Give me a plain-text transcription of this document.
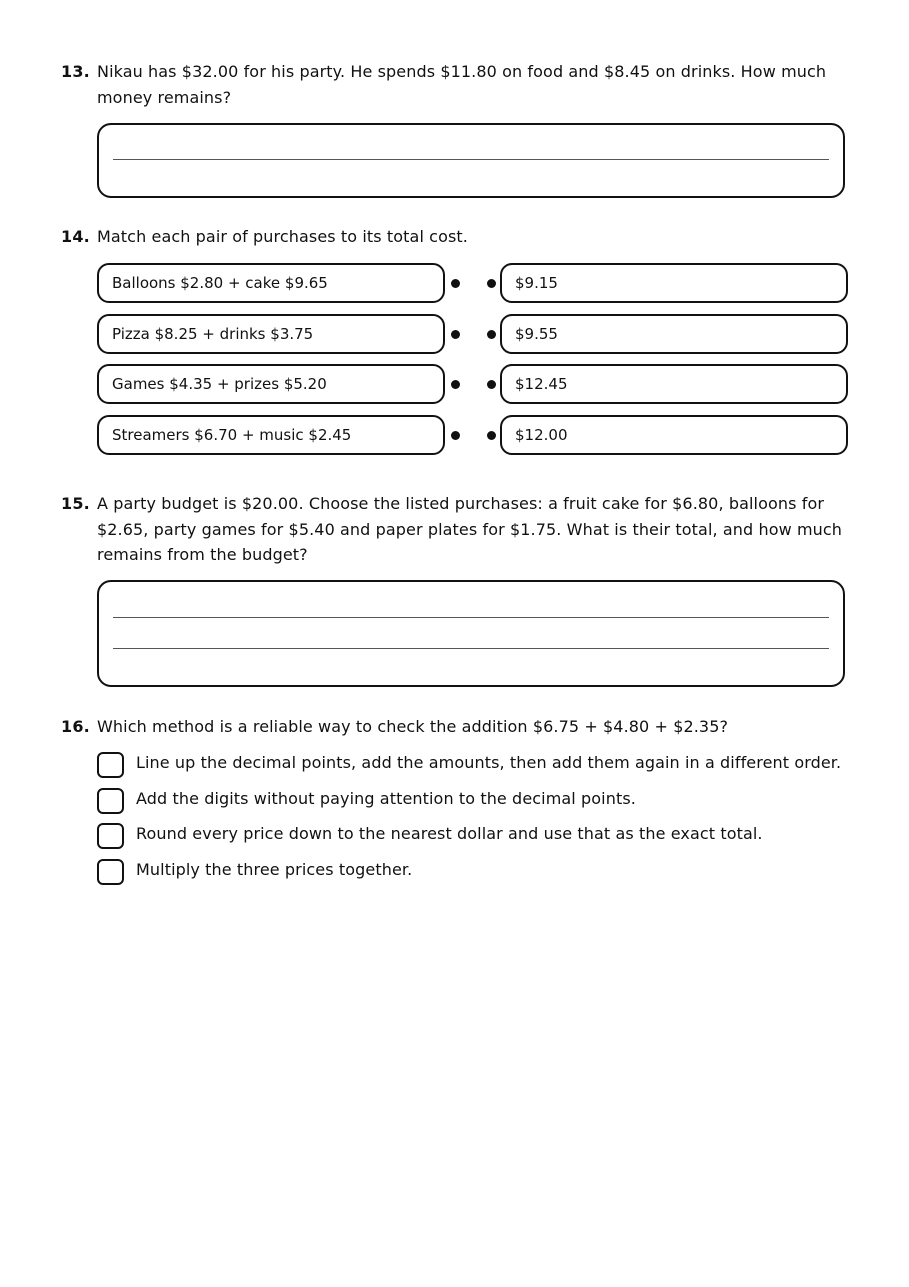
13. Nikau has $32.00 for his party. He spends $11.80 on food and $8.45 on drinks. How much money remains?
14. Match each pair of purchases to its total cost.
Balloons $2.80 + cake $9.65
Pizza $8.25 + drinks $3.75
Games $4.35 + prizes $5.20
Streamers $6.70 + music $2.45
$9.15
$9.55
$12.45
$12.00
15. A party budget is $20.00. Choose the listed purchases: a fruit cake for $6.80, balloons for $2.65, party games for $5.40 and paper plates for $1.75. What is their total, and how much remains from the budget?
16. Which method is a reliable way to check the addition $6.75 + $4.80 + $2.35?
Line up the decimal points, add the amounts, then add them again in a different order.
Add the digits without paying attention to the decimal points.
Round every price down to the nearest dollar and use that as the exact total.
Multiply the three prices together.
